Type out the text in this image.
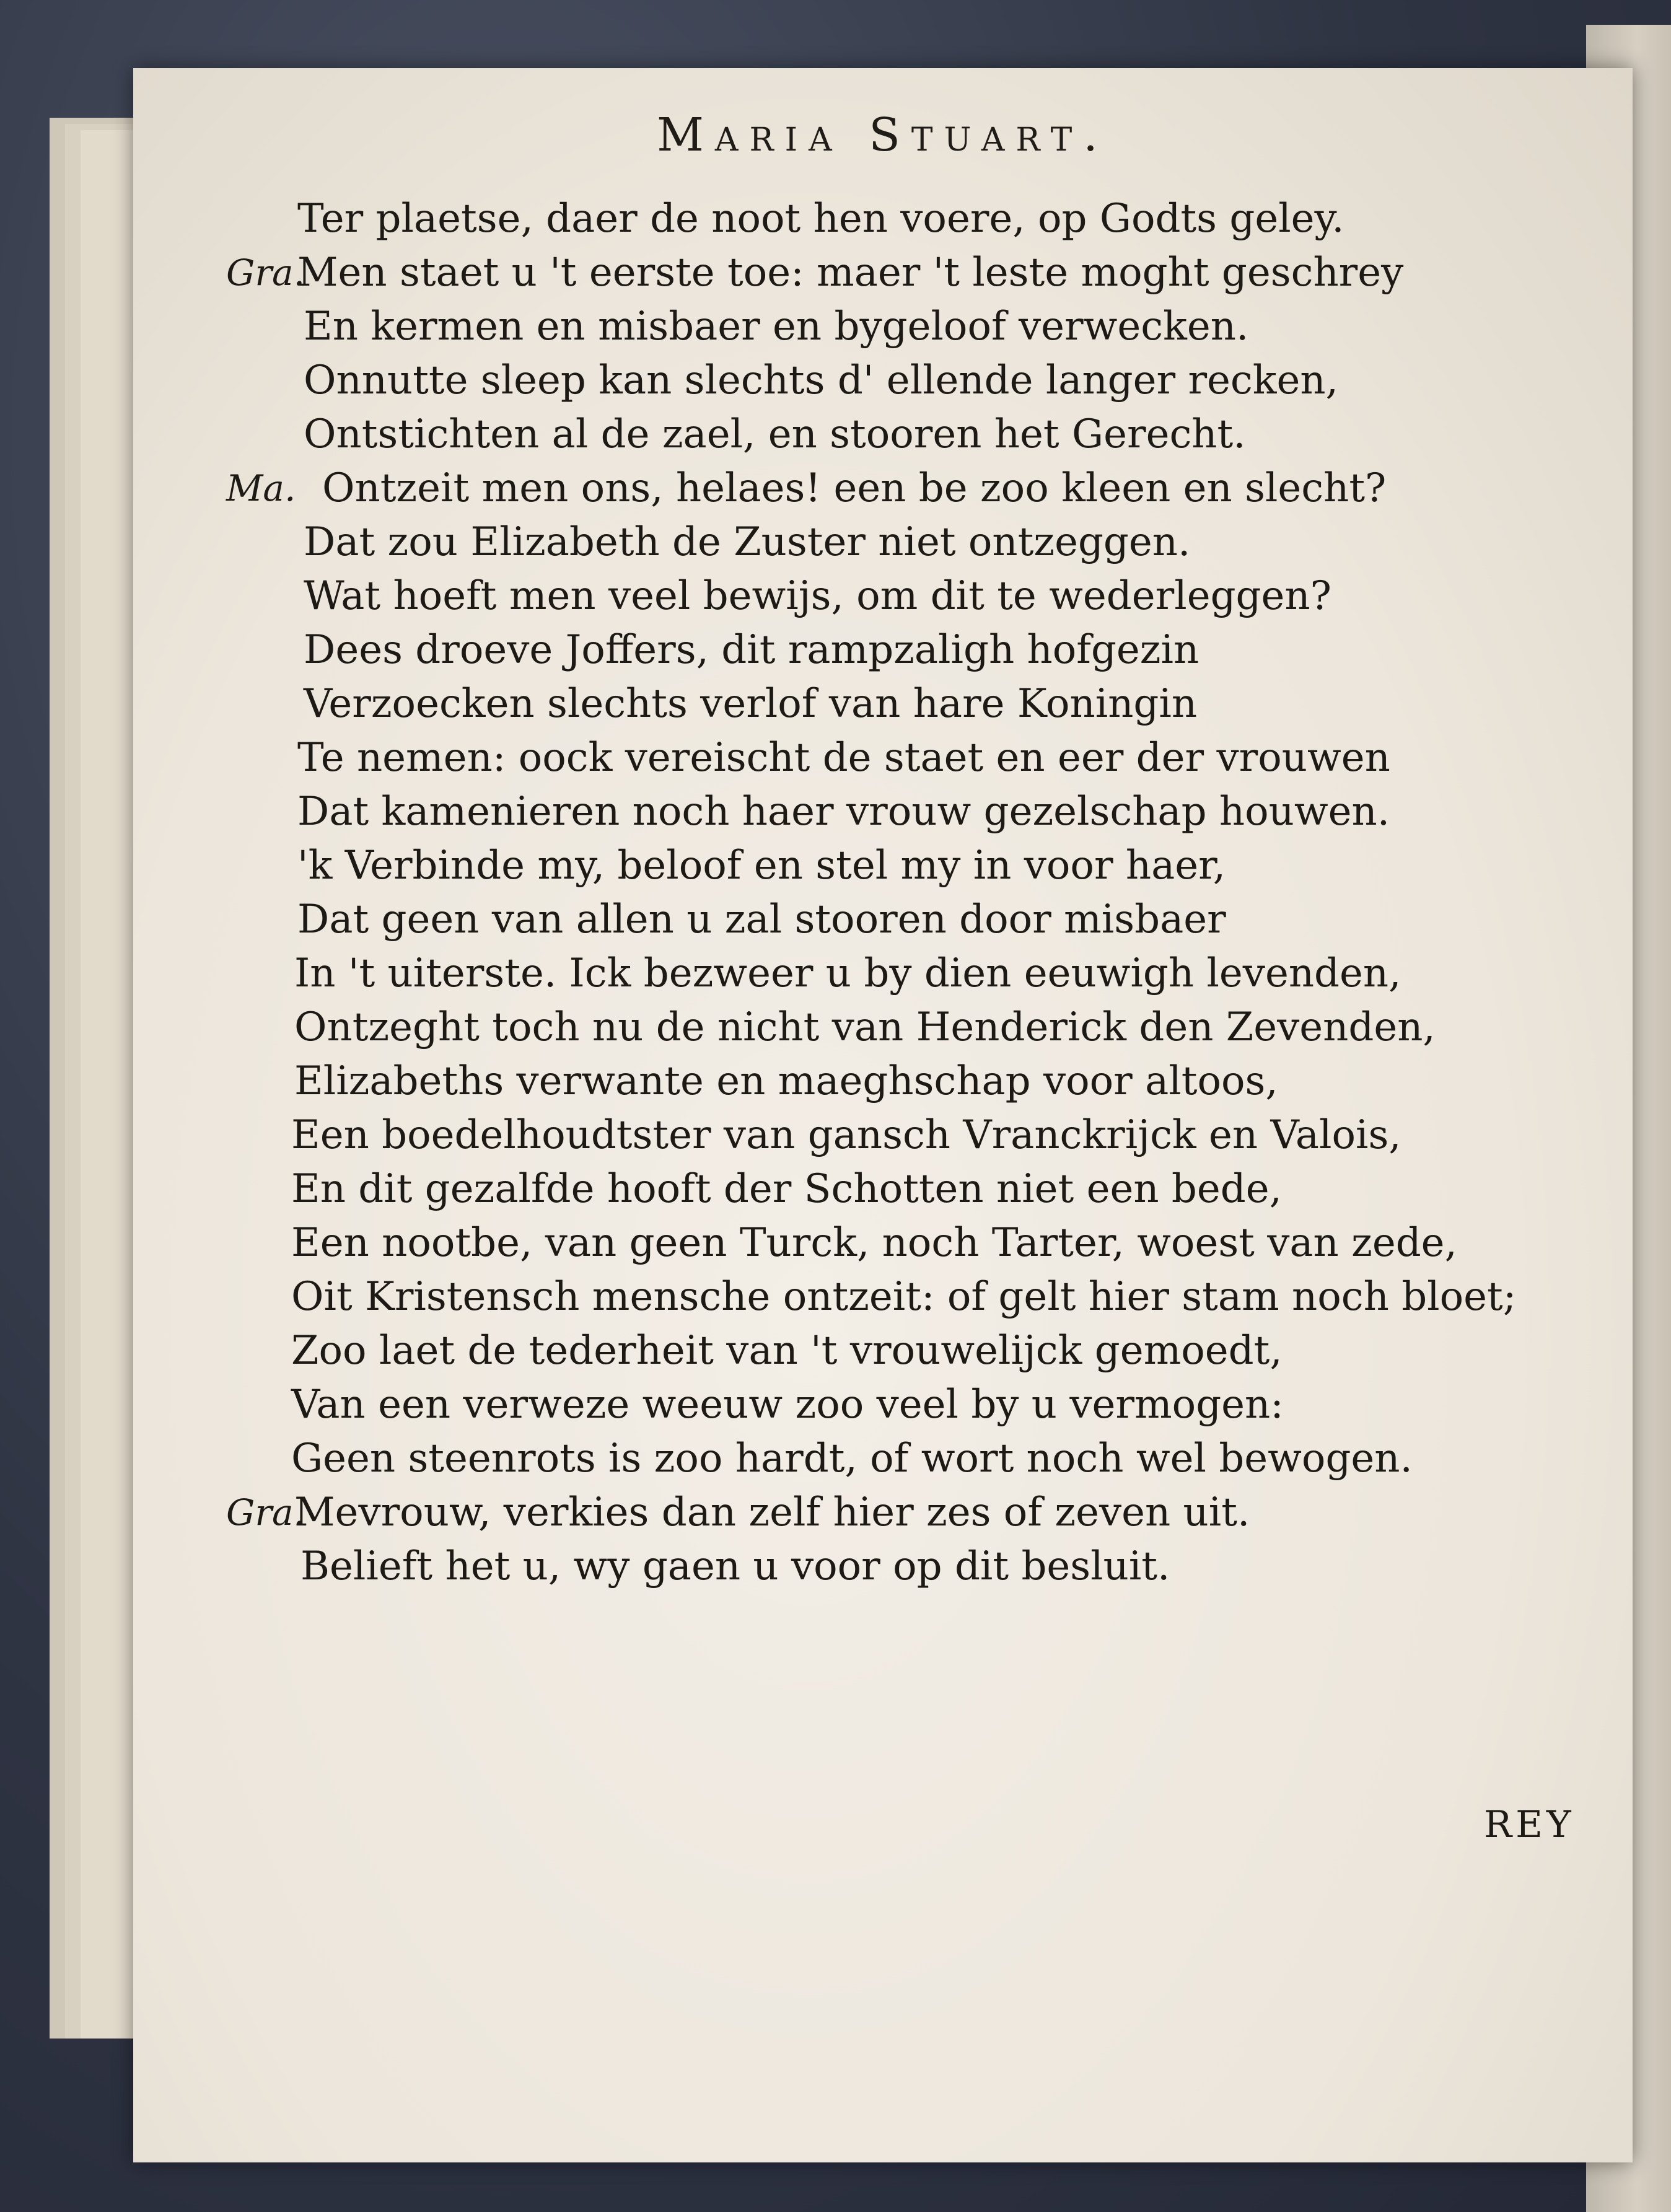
Maria Stuart.
Ter plaetse, daer de noot hen voere, op Godts geley.
Gra.
Men staet u 't eerste toe: maer 't leste moght geschrey
En kermen en misbaer en bygeloof verwecken.
Onnutte sleep kan slechts d' ellende langer recken,
Ontstichten al de zael, en stooren het Gerecht.
Ma. Ontzeit men ons, helaes! een be zoo kleen en slecht?
Dat zou Elizabeth de Zuster niet ontzeggen.
Wat hoeft men veel bewijs, om dit te wederleggen?
Dees droeve Joffers, dit rampzaligh hofgezin
Verzoecken slechts verlof van hare Koningin
Te nemen: oock vereischt de staet en eer der vrouwen
Dat kamenieren noch haer vrouw gezelschap houwen.
'k Verbinde my, beloof en stel my in voor haer,
Dat geen van allen u zal stooren door misbaer
In 't uiterste. Ick bezweer u by dien eeuwigh levenden,
Ontzeght toch nu de nicht van Henderick den Zevenden,
Elizabeths verwante en maeghschap voor altoos,
Een boedelhoudtster van gansch Vranckrijck en Valois,
En dit gezalfde hooft der Schotten niet een bede,
Een nootbe, van geen Turck, noch Tarter, woest van zede,
Oit Kristensch mensche ontzeit: of gelt hier stam noch bloet;
Zoo laet de tederheit van 't vrouwelijck gemoedt,
Van een verweze weeuw zoo veel by u vermogen:
Geen steenrots is zoo hardt, of wort noch wel bewogen.
Gra.
Mevrouw, verkies dan zelf hier zes of zeven uit.
Belieft het u, wy gaen u voor op dit besluit.
REY
